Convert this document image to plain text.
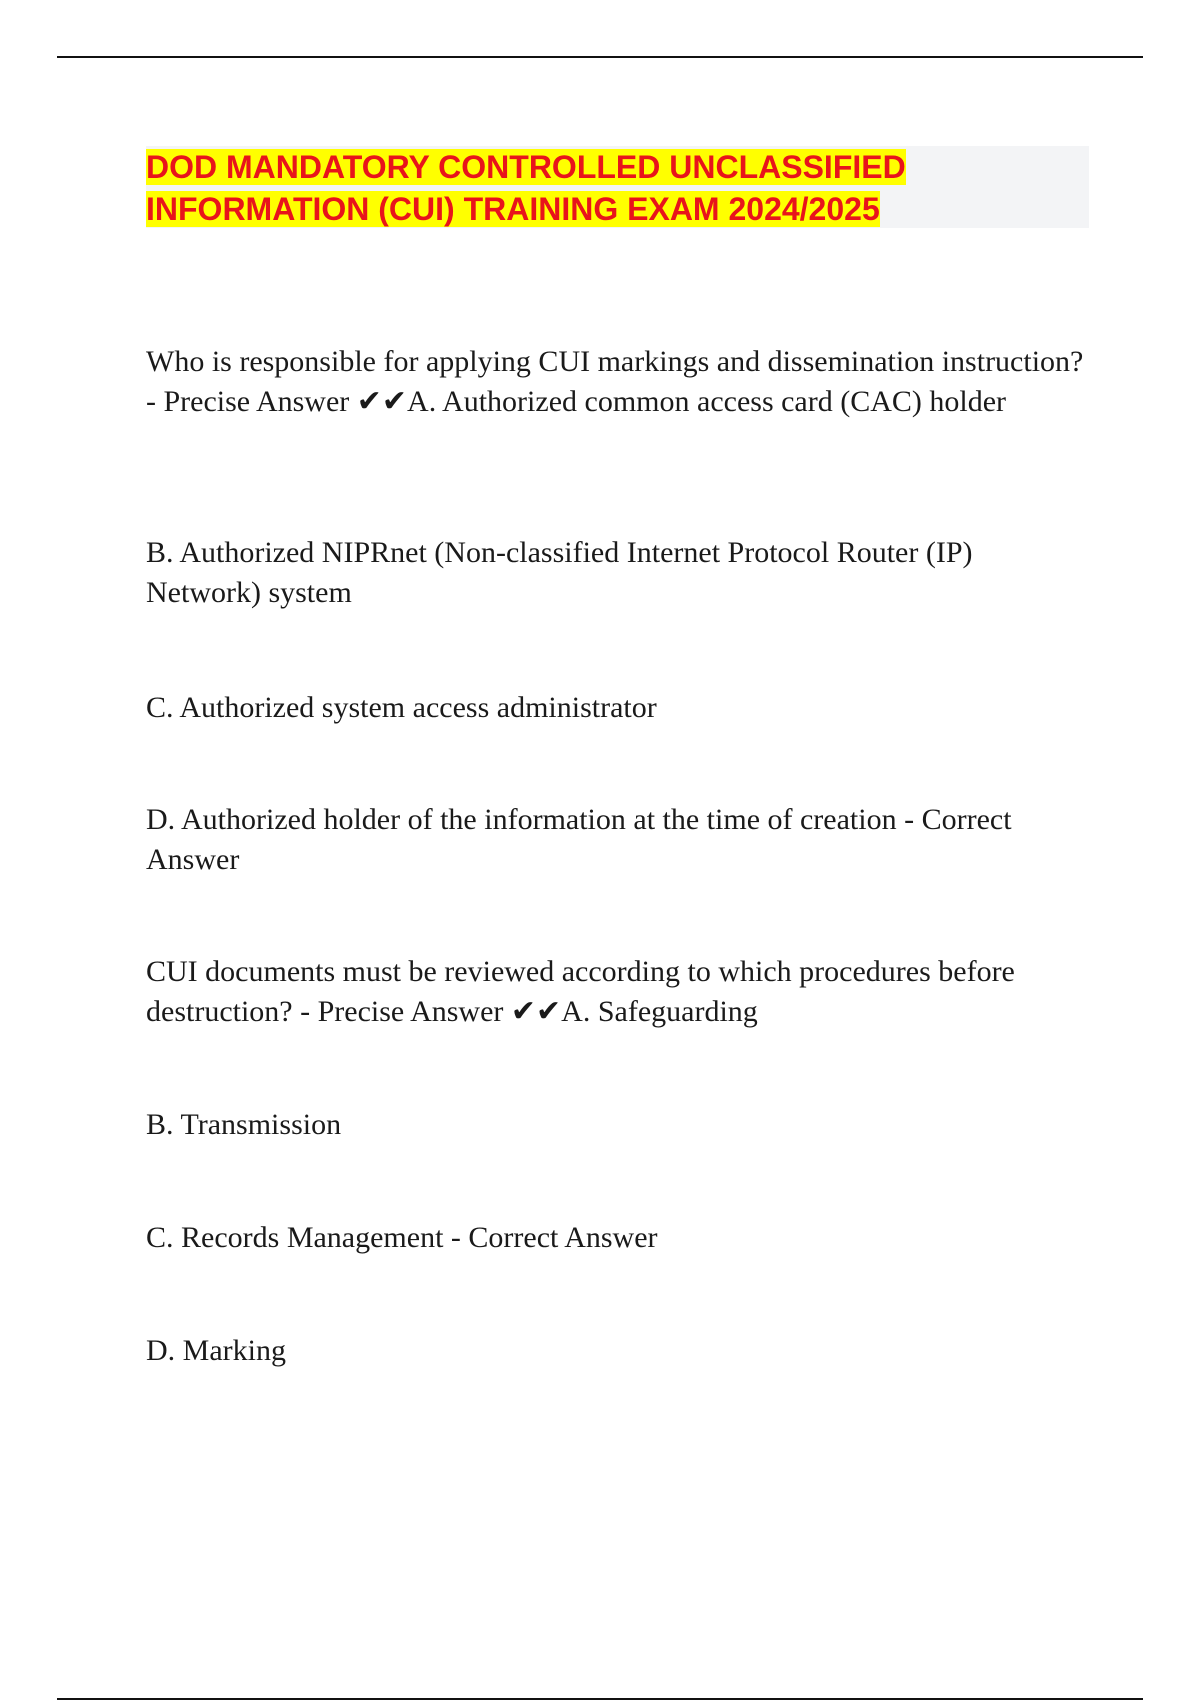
DOD MANDATORY CONTROLLED UNCLASSIFIED INFORMATION (CUI) TRAINING EXAM 2024/2025

Who is responsible for applying CUI markings and dissemination instruction? - Precise Answer ✔✔A. Authorized common access card (CAC) holder

B. Authorized NIPRnet (Non-classified Internet Protocol Router (IP) Network) system

C. Authorized system access administrator

D. Authorized holder of the information at the time of creation - Correct Answer

CUI documents must be reviewed according to which procedures before destruction? - Precise Answer ✔✔A. Safeguarding

B. Transmission

C. Records Management - Correct Answer

D. Marking
